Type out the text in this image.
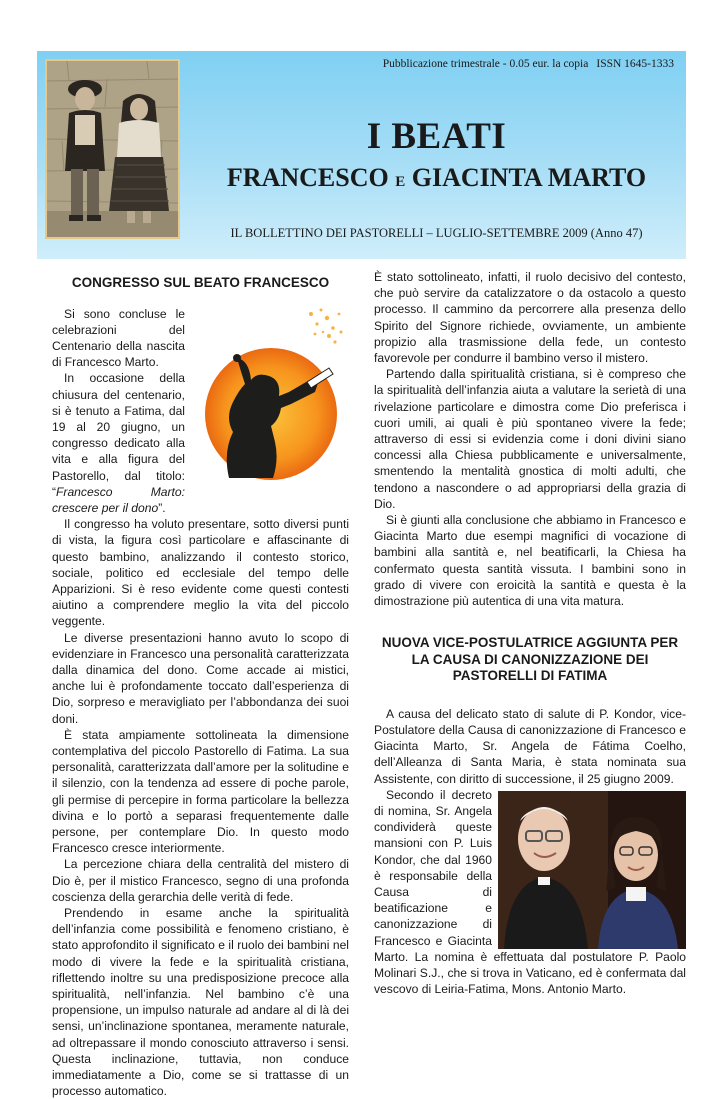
Pubblicazione trimestrale - 0.05 eur. la copia ISSN 1645-1333
I BEATI
FRANCESCO E GIACINTA MARTO
IL BOLLETTINO DEI PASTORELLI – LUGLIO-SETTEMBRE 2009 (Anno 47)
CONGRESSO SUL BEATO FRANCESCO

Si sono concluse le celebrazioni del Centenario della nascita di Francesco Marto.

In occasione della chiusura del centenario, si è tenuto a Fatima, dal 19 al 20 giugno, un congresso dedicato alla vita e alla figura del Pastorello, dal titolo: “Francesco Marto: crescere per il dono”.

Il congresso ha voluto presentare, sotto diversi punti di vista, la figura così particolare e affascinante di questo bambino, analizzando il contesto storico, sociale, politico ed ecclesiale del tempo delle Apparizioni. Si è reso evidente come questi contesti aiutino a comprendere meglio la vita del piccolo veggente.

Le diverse presentazioni hanno avuto lo scopo di evidenziare in Francesco una personalità caratterizzata dalla dinamica del dono. Come accade ai mistici, anche lui è profondamente toccato dall’esperienza di Dio, sorpreso e meravigliato per l’abbondanza dei suoi doni.

È stata ampiamente sottolineata la dimensione contemplativa del piccolo Pastorello di Fatima. La sua personalità, caratterizzata dall’amore per la solitudine e il silenzio, con la tendenza ad essere di poche parole, gli permise di percepire in forma particolare la bellezza divina e lo portò a separasi frequentemente dalle persone, per contemplare Dio. In questo modo Francesco cresce interiormente.

La percezione chiara della centralità del mistero di Dio è, per il mistico Francesco, segno di una profonda coscienza della gerarchia delle verità di fede.

Prendendo in esame anche la spiritualità dell’infanzia come possibilità e fenomeno cristiano, è stato approfondito il significato e il ruolo dei bambini nel modo di vivere la fede e la spiritualità cristiana, riflettendo inoltre su una predisposizione precoce alla spiritualità, nell’infanzia. Nel bambino c’è una propensione, un impulso naturale ad andare al di là dei sensi, un’inclinazione spontanea, meramente naturale, ad oltrepassare il mondo conosciuto attraverso i sensi. Questa inclinazione, tuttavia, non conduce immediatamente a Dio, come se si trattasse di un processo automatico.

È stato sottolineato, infatti, il ruolo decisivo del contesto, che può servire da catalizzatore o da ostacolo a questo processo. Il cammino da percorrere alla presenza dello Spirito del Signore richiede, ovviamente, un ambiente propizio alla trasmissione della fede, un contesto favorevole per condurre il bambino verso il mistero.

Partendo dalla spiritualità cristiana, si è compreso che la spiritualità dell’infanzia aiuta a valutare la serietà di una rivelazione particolare e dimostra come Dio preferisca i cuori umili, ai quali è più spontaneo vivere la fede; attraverso di essi si evidenzia come i doni divini siano concessi alla Chiesa pubblicamente e universalmente, smentendo la mentalità gnostica di molti adulti, che tendono a nascondere o ad appropriarsi della grazia di Dio.

Si è giunti alla conclusione che abbiamo in Francesco e Giacinta Marto due esempi magnifici di vocazione di bambini alla santità e, nel beatificarli, la Chiesa ha confermato questa santità vissuta. I bambini sono in grado di vivere con eroicità la santità e questa è la dimostrazione più autentica di una vita matura.

NUOVA VICE-POSTULATRICE AGGIUNTA PER LA CAUSA DI CANONIZZAZIONE DEI PASTORELLI DI FATIMA

A causa del delicato stato di salute di P. Kondor, vice-Postulatore della Causa di canonizzazione di Francesco e Giacinta Marto, Sr. Angela de Fátima Coelho, dell’Alleanza di Santa Maria, è stata nominata sua Assistente, con diritto di successione, il 25 giugno 2009.

Secondo il decreto di nomina, Sr. Angela condividerà queste mansioni con P. Luis Kondor, che dal 1960 è responsabile della Causa di beatificazione e canonizzazione di Francesco e Giacinta Marto. La nomina è effettuata dal postulatore P. Paolo Molinari S.J., che si trova in Vaticano, ed è confermata dal vescovo di Leiria-Fatima, Mons. Antonio Marto.
